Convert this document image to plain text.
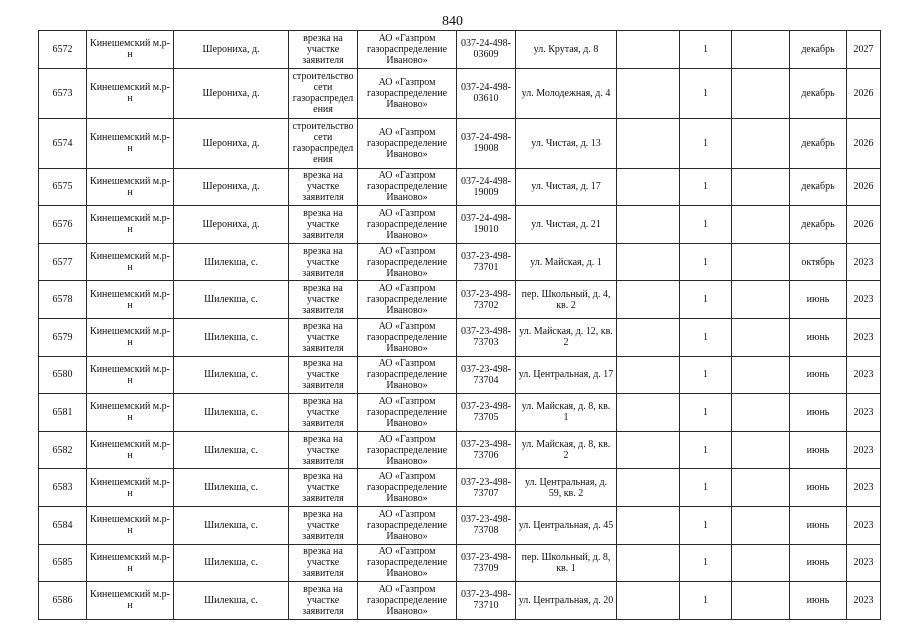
840
6572	Кинешемский м.р-н	Шерониха, д.	врезка на участке заявителя	АО «Газпром газораспределение Иваново»	037-24-498-03609	ул. Крутая, д. 8		1		декабрь	2027
6573	Кинешемский м.р-н	Шерониха, д.	строительство сети газораспределения	АО «Газпром газораспределение Иваново»	037-24-498-03610	ул. Молодежная, д. 4		1		декабрь	2026
6574	Кинешемский м.р-н	Шерониха, д.	строительство сети газораспределения	АО «Газпром газораспределение Иваново»	037-24-498-19008	ул. Чистая, д. 13		1		декабрь	2026
6575	Кинешемский м.р-н	Шерониха, д.	врезка на участке заявителя	АО «Газпром газораспределение Иваново»	037-24-498-19009	ул. Чистая, д. 17		1		декабрь	2026
6576	Кинешемский м.р-н	Шерониха, д.	врезка на участке заявителя	АО «Газпром газораспределение Иваново»	037-24-498-19010	ул. Чистая, д. 21		1		декабрь	2026
6577	Кинешемский м.р-н	Шилекша, с.	врезка на участке заявителя	АО «Газпром газораспределение Иваново»	037-23-498-73701	ул. Майская, д. 1		1		октябрь	2023
6578	Кинешемский м.р-н	Шилекша, с.	врезка на участке заявителя	АО «Газпром газораспределение Иваново»	037-23-498-73702	пер. Школьный, д. 4, кв. 2		1		июнь	2023
6579	Кинешемский м.р-н	Шилекша, с.	врезка на участке заявителя	АО «Газпром газораспределение Иваново»	037-23-498-73703	ул. Майская, д. 12, кв. 2		1		июнь	2023
6580	Кинешемский м.р-н	Шилекша, с.	врезка на участке заявителя	АО «Газпром газораспределение Иваново»	037-23-498-73704	ул. Центральная, д. 17		1		июнь	2023
6581	Кинешемский м.р-н	Шилекша, с.	врезка на участке заявителя	АО «Газпром газораспределение Иваново»	037-23-498-73705	ул. Майская, д. 8, кв. 1		1		июнь	2023
6582	Кинешемский м.р-н	Шилекша, с.	врезка на участке заявителя	АО «Газпром газораспределение Иваново»	037-23-498-73706	ул. Майская, д. 8, кв. 2		1		июнь	2023
6583	Кинешемский м.р-н	Шилекша, с.	врезка на участке заявителя	АО «Газпром газораспределение Иваново»	037-23-498-73707	ул. Центральная, д. 59, кв. 2		1		июнь	2023
6584	Кинешемский м.р-н	Шилекша, с.	врезка на участке заявителя	АО «Газпром газораспределение Иваново»	037-23-498-73708	ул. Центральная, д. 45		1		июнь	2023
6585	Кинешемский м.р-н	Шилекша, с.	врезка на участке заявителя	АО «Газпром газораспределение Иваново»	037-23-498-73709	пер. Школьный, д. 8, кв. 1		1		июнь	2023
6586	Кинешемский м.р-н	Шилекша, с.	врезка на участке заявителя	АО «Газпром газораспределение Иваново»	037-23-498-73710	ул. Центральная, д. 20		1		июнь	2023
